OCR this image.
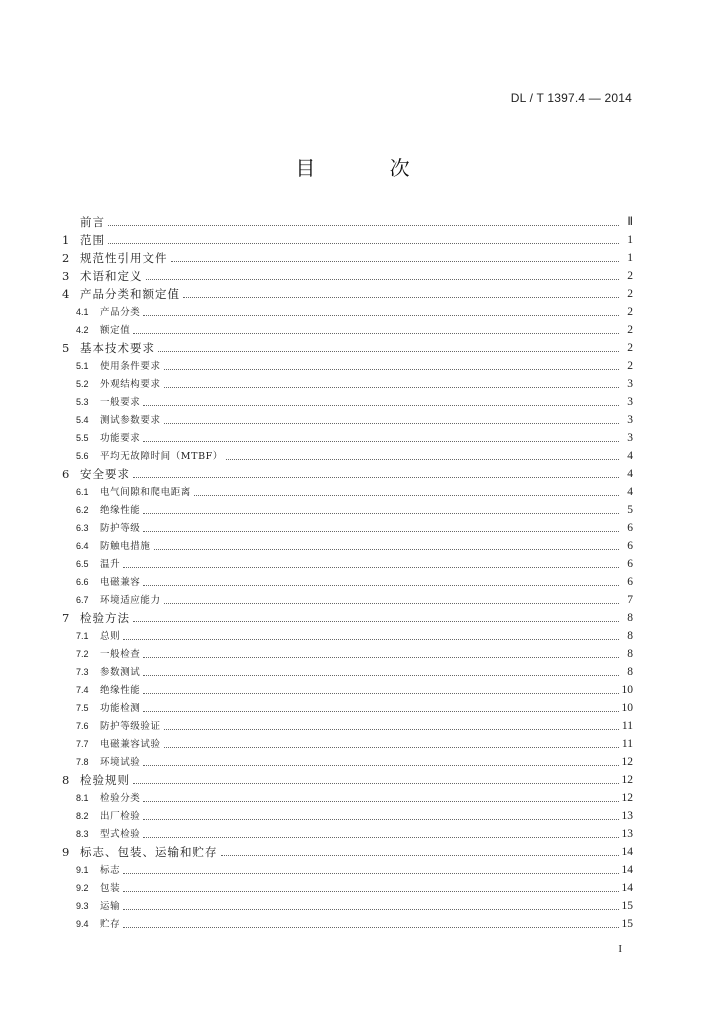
DL / T 1397.4 — 2014
目 次
前言	Ⅱ
1 范围	1
2 规范性引用文件	1
3 术语和定义	2
4 产品分类和额定值	2
4.1	产品分类	2
4.2	额定值	2
5 基本技术要求	2
5.1	使用条件要求	2
5.2	外观结构要求	3
5.3	一般要求	3
5.4	测试参数要求	3
5.5	功能要求	3
5.6	平均无故障时间（MTBF）	4
6 安全要求	4
6.1	电气间隙和爬电距离	4
6.2	绝缘性能	5
6.3	防护等级	6
6.4	防触电措施	6
6.5	温升	6
6.6	电磁兼容	6
6.7	环境适应能力	7
7 检验方法	8
7.1	总则	8
7.2	一般检查	8
7.3	参数测试	8
7.4	绝缘性能	10
7.5	功能检测	10
7.6	防护等级验证	11
7.7	电磁兼容试验	11
7.8	环境试验	12
8 检验规则	12
8.1	检验分类	12
8.2	出厂检验	13
8.3	型式检验	13
9 标志、包装、运输和贮存	14
9.1	标志	14
9.2	包装	14
9.3	运输	15
9.4	贮存	15
I
